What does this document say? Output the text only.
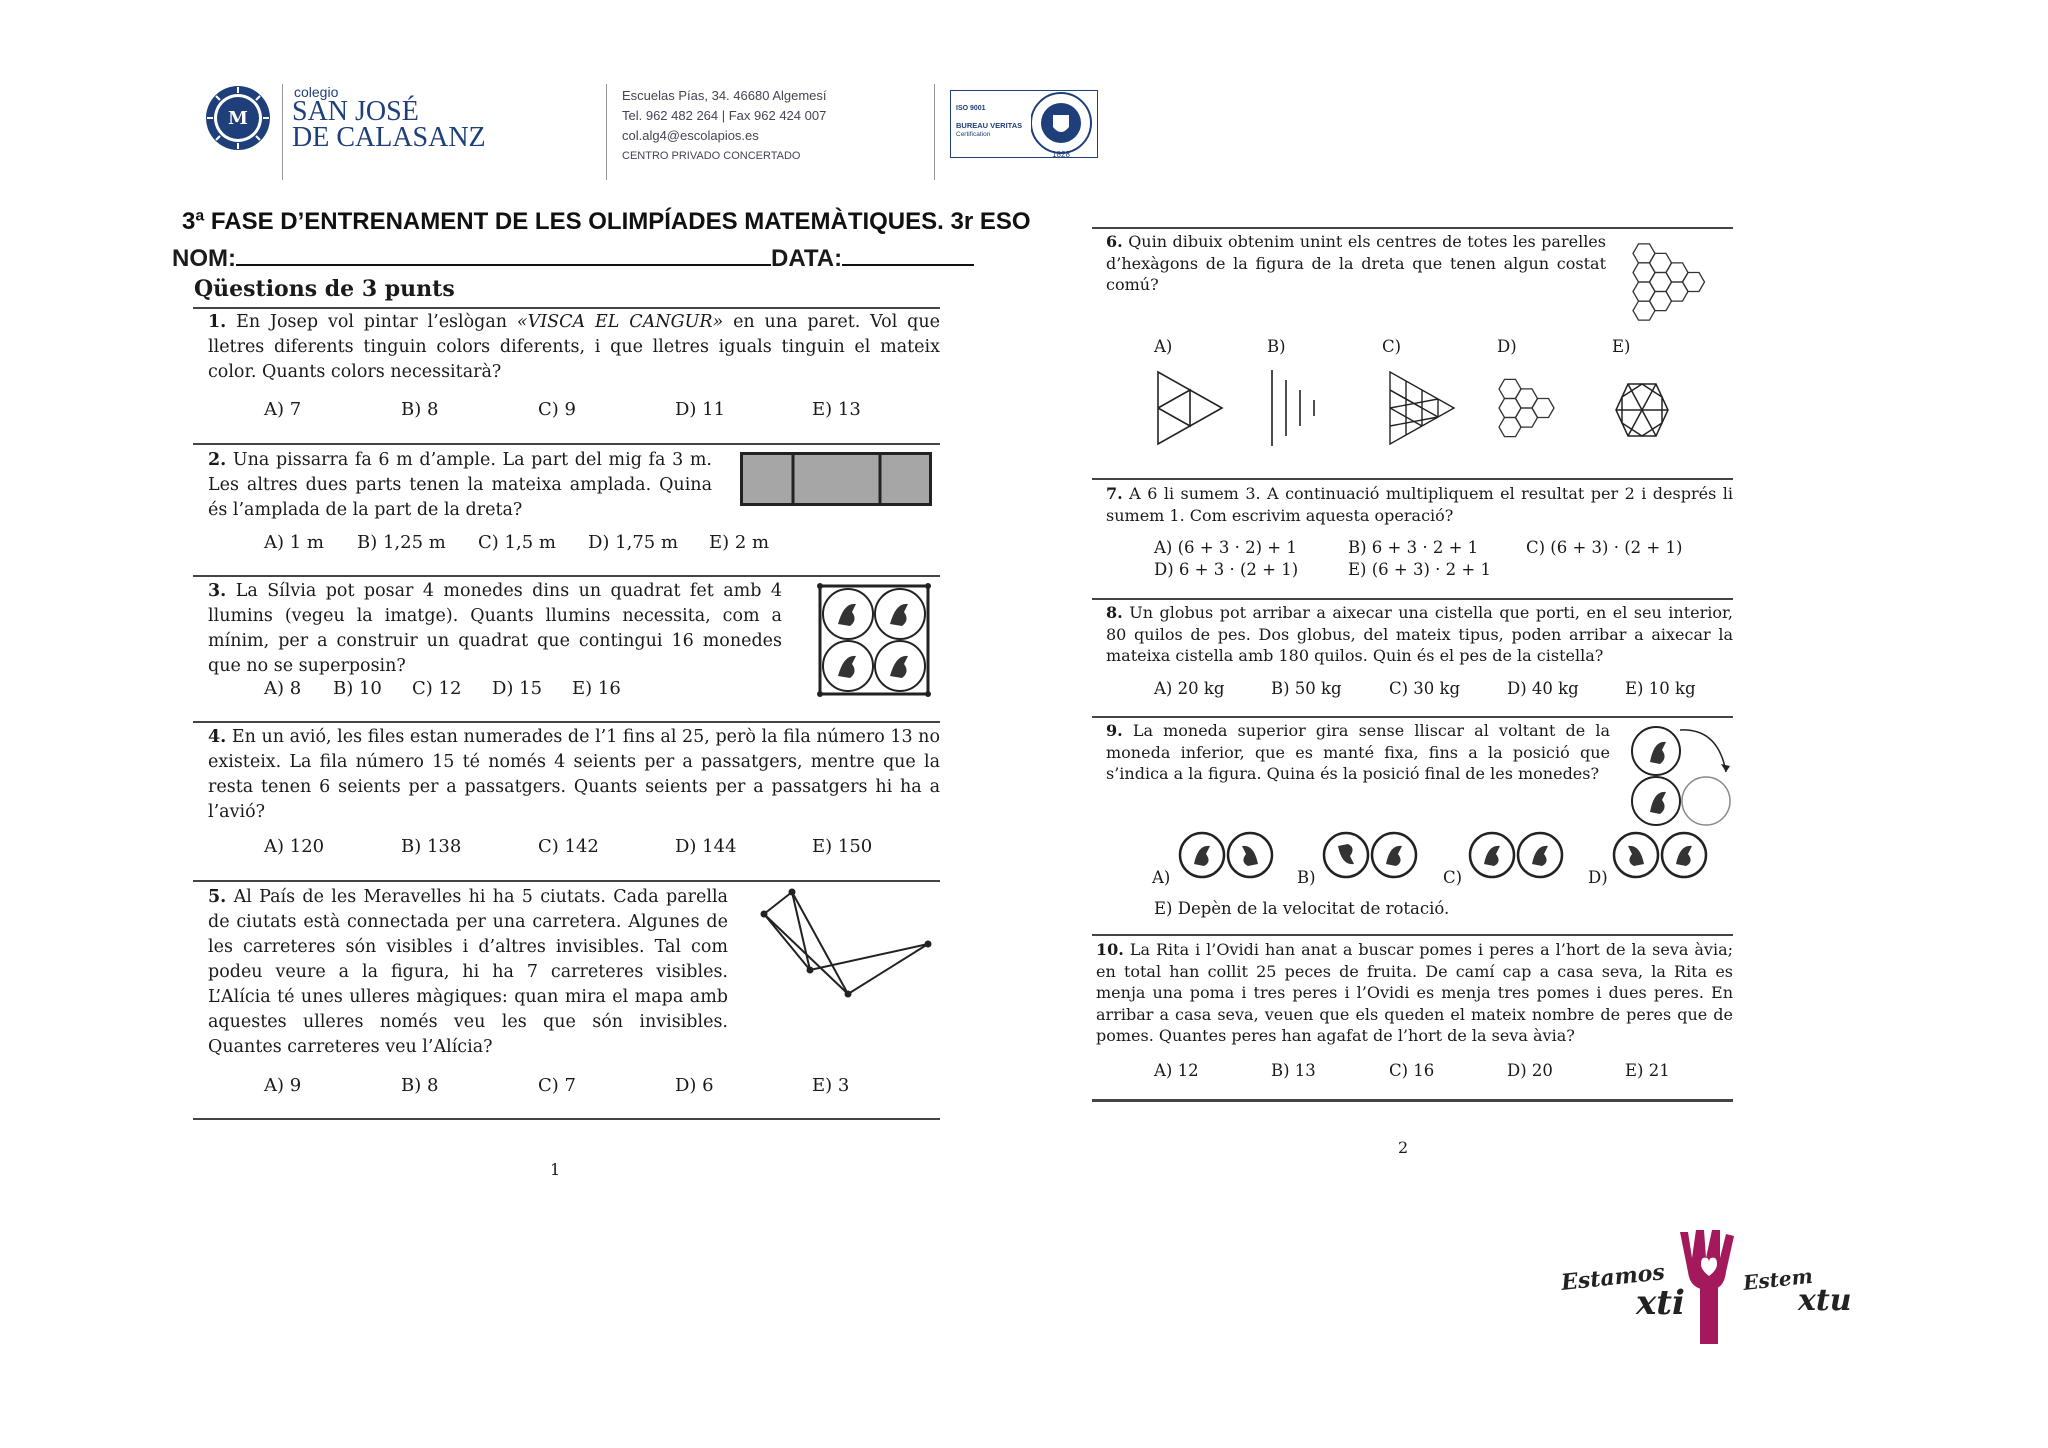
M
colegio
SAN JOSÉ
DE CALASANZ
Escuelas Pías, 34. 46680 Algemesí
Tel. 962 482 264 | Fax 962 424 007
col.alg4@escolapios.es
CENTRO PRIVADO CONCERTADO
ISO 9001
BUREAU VERITAS
Certification
1828
3ª FASE D’ENTRENAMENT DE LES OLIMPÍADES MATEMÀTIQUES. 3r ESO
NOM:	DATA:
Qüestions de 3 punts
1. En Josep vol pintar l’eslògan «VISCA EL CANGUR» en una paret. Vol que lletres diferents tinguin colors diferents, i que lletres iguals tinguin el mateix color. Quants colors necessitarà?
A) 7	B) 8	C) 9	D) 11	E) 13
2. Una pissarra fa 6 m d’ample. La part del mig fa 3 m. Les altres dues parts tenen la mateixa amplada. Quina és l’amplada de la part de la dreta?
A) 1 m B) 1,25 m C) 1,5 m D) 1,75 m E) 2 m
3. La Sílvia pot posar 4 monedes dins un quadrat fet amb 4 llumins (vegeu la imatge). Quants llumins necessita, com a mínim, per a construir un quadrat que contingui 16 monedes que no se superposin?
A) 8 B) 10 C) 12 D) 15 E) 16
4. En un avió, les files estan numerades de l’1 fins al 25, però la fila número 13 no existeix. La fila número 15 té només 4 seients per a passatgers, mentre que la resta tenen 6 seients per a passatgers. Quants seients per a passatgers hi ha a l’avió?
A) 120	B) 138	C) 142	D) 144	E) 150
5. Al País de les Meravelles hi ha 5 ciutats. Cada parella de ciutats està connectada per una carretera. Algunes de les carreteres són visibles i d’altres invisibles. Tal com podeu veure a la figura, hi ha 7 carreteres visibles. L’Alícia té unes ulleres màgiques: quan mira el mapa amb aquestes ulleres només veu les que són invisibles. Quantes carreteres veu l’Alícia?
A) 9	B) 8	C) 7	D) 6	E) 3
1
6. Quin dibuix obtenim unint els centres de totes les parelles d’hexàgons de la figura de la dreta que tenen algun costat comú?
A)	B)	C)	D)	E)
7. A 6 li sumem 3. A continuació multipliquem el resultat per 2 i després li sumem 1. Com escrivim aquesta operació?
A) (6 + 3 · 2) + 1	B) 6 + 3 · 2 + 1	C) (6 + 3) · (2 + 1)
D) 6 + 3 · (2 + 1)	E) (6 + 3) · 2 + 1
8. Un globus pot arribar a aixecar una cistella que porti, en el seu interior, 80 quilos de pes. Dos globus, del mateix tipus, poden arribar a aixecar la mateixa cistella amb 180 quilos. Quin és el pes de la cistella?
A) 20 kg	B) 50 kg	C) 30 kg	D) 40 kg	E) 10 kg
9. La moneda superior gira sense lliscar al voltant de la moneda inferior, que es manté fixa, fins a la posició que s’indica a la figura. Quina és la posició final de les monedes?
A)	B)	C)	D)
E) Depèn de la velocitat de rotació.
10. La Rita i l’Ovidi han anat a buscar pomes i peres a l’hort de la seva àvia; en total han collit 25 peces de fruita. De camí cap a casa seva, la Rita es menja una poma i tres peres i l’Ovidi es menja tres pomes i dues peres. En arribar a casa seva, veuen que els queden el mateix nombre de peres que de pomes. Quantes peres han agafat de l’hort de la seva àvia?
A) 12	B) 13	C) 16	D) 20	E) 21
2
Estamos
xti
Estem
xtu
